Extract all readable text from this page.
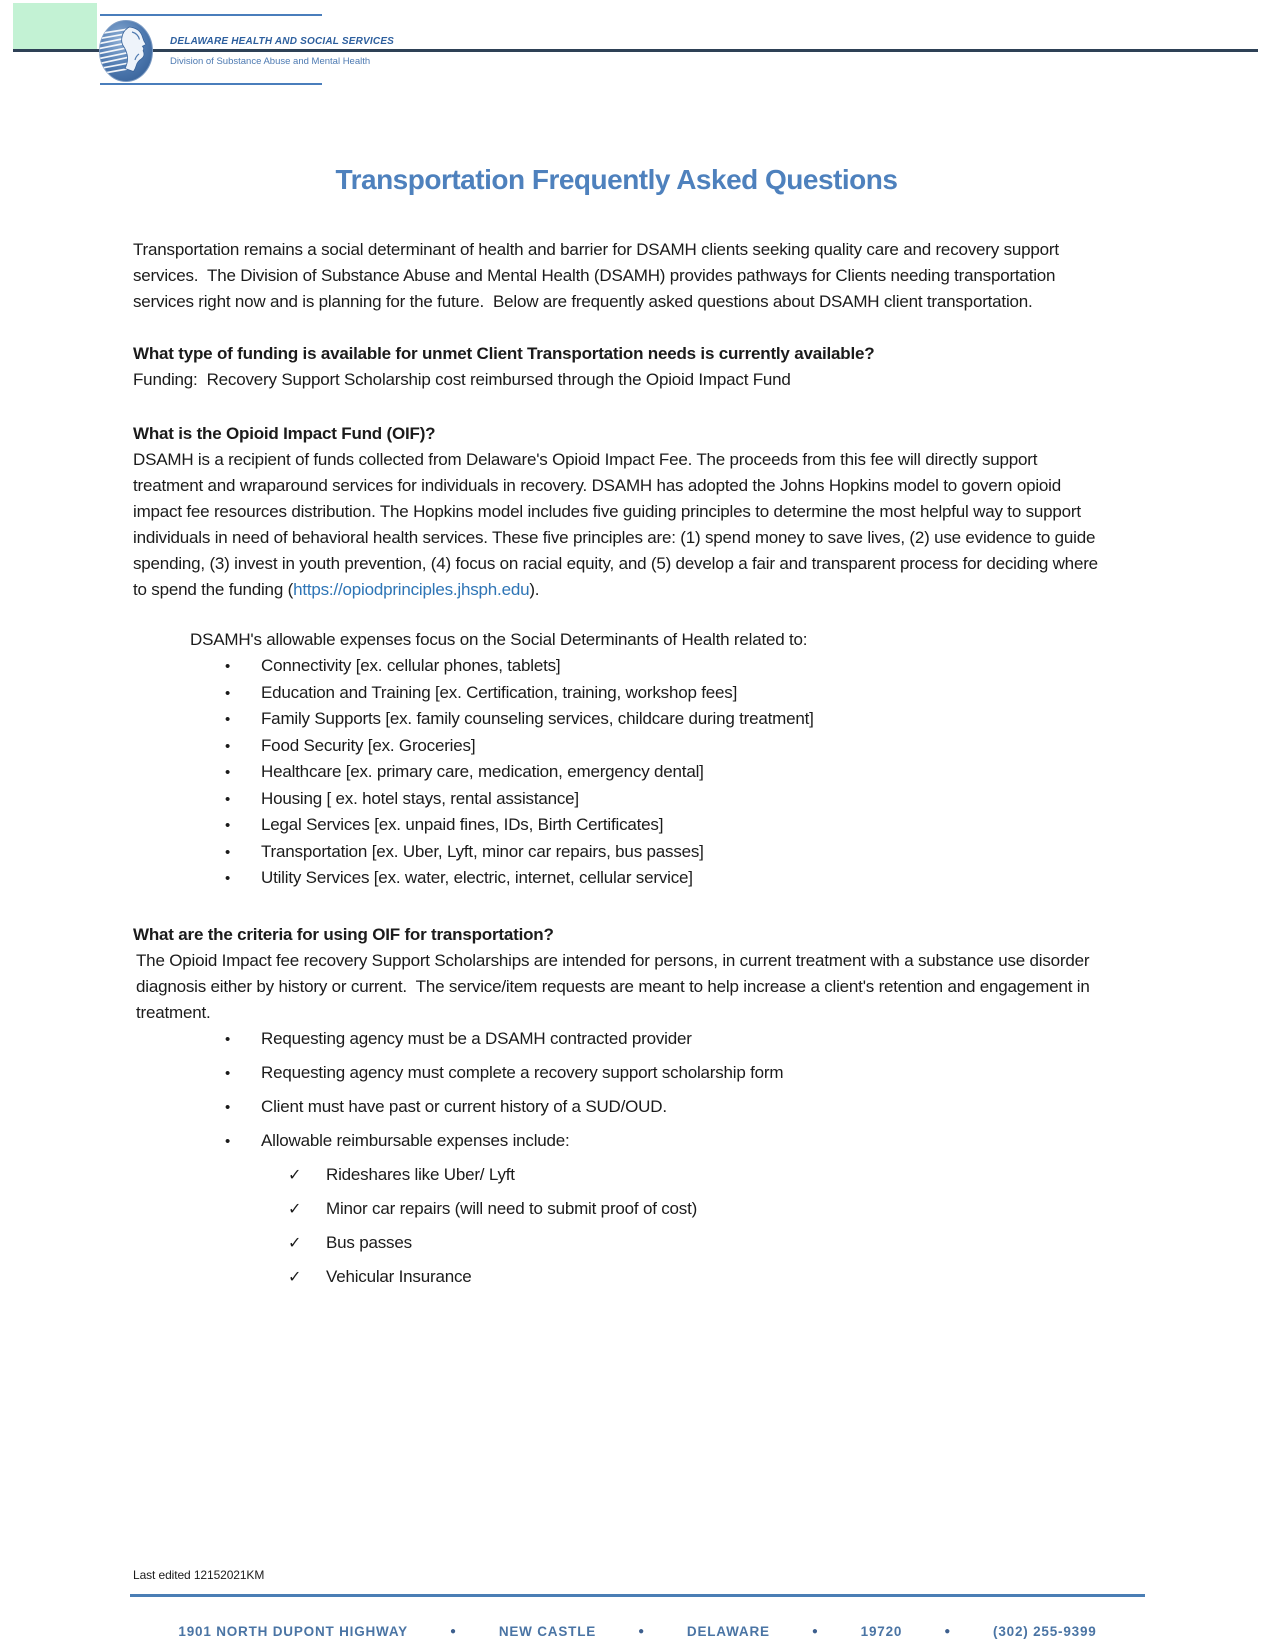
DELAWARE HEALTH AND SOCIAL SERVICES
Division of Substance Abuse and Mental Health
Transportation Frequently Asked Questions

Transportation remains a social determinant of health and barrier for DSAMH clients seeking quality care and recovery support services.  The Division of Substance Abuse and Mental Health (DSAMH) provides pathways for Clients needing transportation services right now and is planning for the future.  Below are frequently asked questions about DSAMH client transportation.

What type of funding is available for unmet Client Transportation needs is currently available?

Funding:  Recovery Support Scholarship cost reimbursed through the Opioid Impact Fund

What is the Opioid Impact Fund (OIF)?

DSAMH is a recipient of funds collected from Delaware's Opioid Impact Fee. The proceeds from this fee will directly support treatment and wraparound services for individuals in recovery. DSAMH has adopted the Johns Hopkins model to govern opioid impact fee resources distribution. The Hopkins model includes five guiding principles to determine the most helpful way to support individuals in need of behavioral health services. These five principles are: (1) spend money to save lives, (2) use evidence to guide spending, (3) invest in youth prevention, (4) focus on racial equity, and (5) develop a fair and transparent process for deciding where to spend the funding (https://opiodprinciples.jhsph.edu).

DSAMH's allowable expenses focus on the Social Determinants of Health related to:

•	Connectivity [ex. cellular phones, tablets]
•	Education and Training [ex. Certification, training, workshop fees]
•	Family Supports [ex. family counseling services, childcare during treatment]
•	Food Security [ex. Groceries]
•	Healthcare [ex. primary care, medication, emergency dental]
•	Housing [ ex. hotel stays, rental assistance]
•	Legal Services [ex. unpaid fines, IDs, Birth Certificates]
•	Transportation [ex. Uber, Lyft, minor car repairs, bus passes]
•	Utility Services [ex. water, electric, internet, cellular service]

What are the criteria for using OIF for transportation?

The Opioid Impact fee recovery Support Scholarships are intended for persons, in current treatment with a substance use disorder diagnosis either by history or current.  The service/item requests are meant to help increase a client's retention and engagement in treatment.

•	Requesting agency must be a DSAMH contracted provider
•	Requesting agency must complete a recovery support scholarship form
•	Client must have past or current history of a SUD/OUD.
•	Allowable reimbursable expenses include:
✓	Rideshares like Uber/ Lyft
✓	Minor car repairs (will need to submit proof of cost)
✓	Bus passes
✓	Vehicular Insurance
Last edited 12152021KM
1901 NORTH DUPONT HIGHWAY	●	NEW CASTLE	●	DELAWARE	●	19720	●	(302) 255-9399
